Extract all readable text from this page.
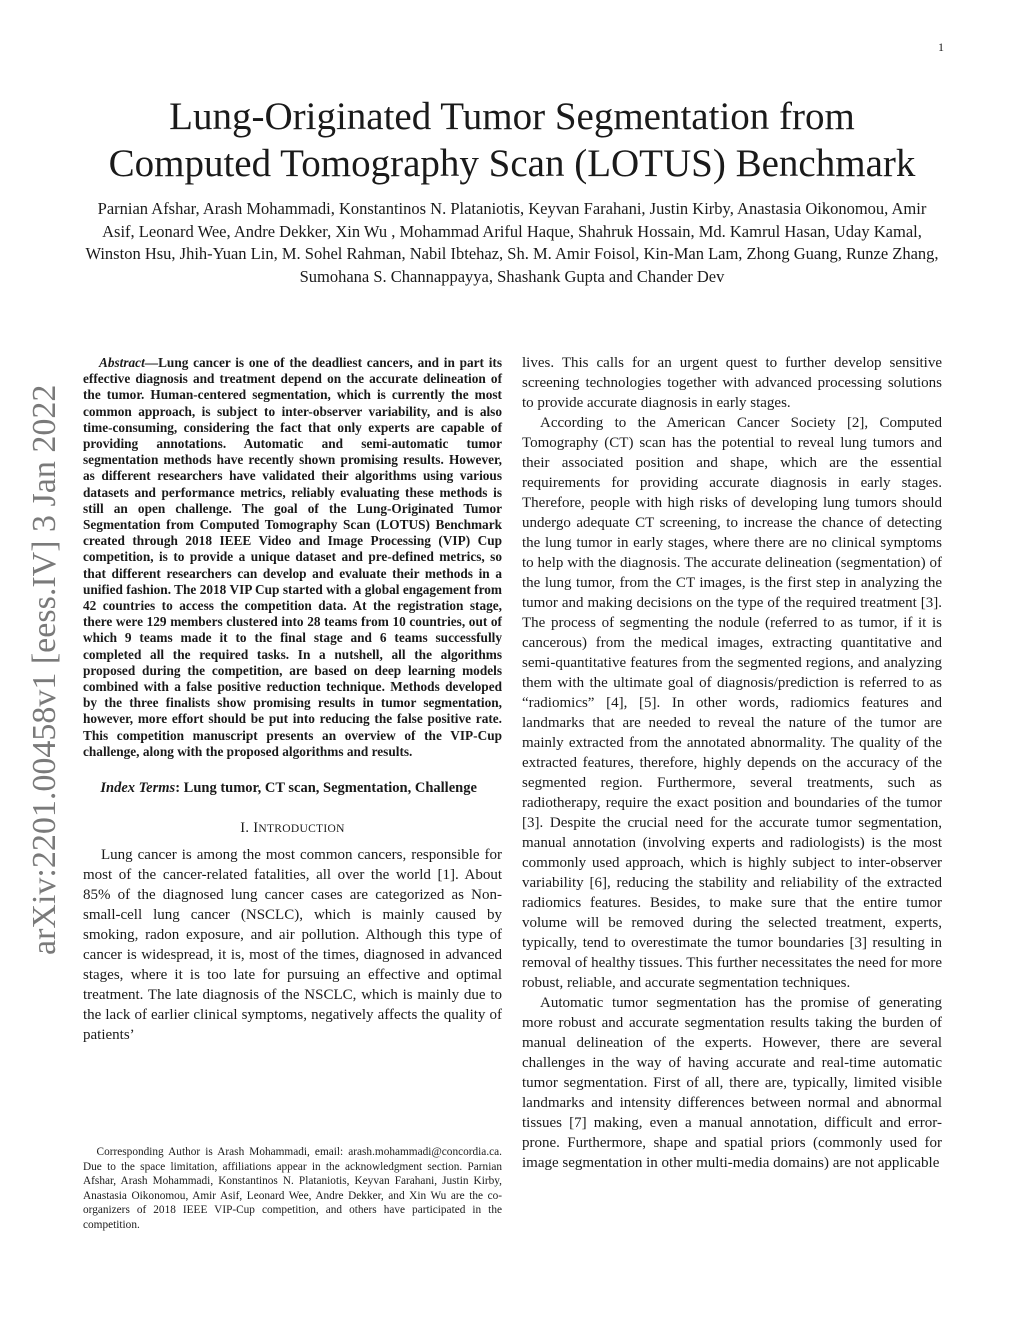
1
arXiv:2201.00458v1 [eess.IV] 3 Jan 2022
Lung-Originated Tumor Segmentation from
Computed Tomography Scan (LOTUS) Benchmark
Parnian Afshar, Arash Mohammadi, Konstantinos N. Plataniotis, Keyvan Farahani, Justin Kirby, Anastasia Oikonomou, Amir Asif, Leonard Wee, Andre Dekker, Xin Wu , Mohammad Ariful Haque, Shahruk Hossain, Md. Kamrul Hasan, Uday Kamal, Winston Hsu, Jhih-Yuan Lin, M. Sohel Rahman, Nabil Ibtehaz, Sh. M. Amir Foisol, Kin-Man Lam, Zhong Guang, Runze Zhang, Sumohana S. Channappayya, Shashank Gupta and Chander Dev

Abstract—Lung cancer is one of the deadliest cancers, and in part its effective diagnosis and treatment depend on the accurate delineation of the tumor. Human-centered segmentation, which is currently the most common approach, is subject to inter-observer variability, and is also time-consuming, considering the fact that only experts are capable of providing annotations. Automatic and semi-automatic tumor segmentation methods have recently shown promising results. However, as different researchers have validated their algorithms using various datasets and performance metrics, reliably evaluating these methods is still an open challenge. The goal of the Lung-Originated Tumor Segmentation from Computed Tomography Scan (LOTUS) Benchmark created through 2018 IEEE Video and Image Processing (VIP) Cup competition, is to provide a unique dataset and pre-defined metrics, so that different researchers can develop and evaluate their methods in a unified fashion. The 2018 VIP Cup started with a global engagement from 42 countries to access the competition data. At the registration stage, there were 129 members clustered into 28 teams from 10 countries, out of which 9 teams made it to the final stage and 6 teams successfully completed all the required tasks. In a nutshell, all the algorithms proposed during the competition, are based on deep learning models combined with a false positive reduction technique. Methods developed by the three finalists show promising results in tumor segmentation, however, more effort should be put into reducing the false positive rate. This competition manuscript presents an overview of the VIP-Cup challenge, along with the proposed algorithms and results.

Index Terms: Lung tumor, CT scan, Segmentation, Challenge

I. INTRODUCTION

Lung cancer is among the most common cancers, responsible for most of the cancer-related fatalities, all over the world [1]. About 85% of the diagnosed lung cancer cases are categorized as Non-small-cell lung cancer (NSCLC), which is mainly caused by smoking, radon exposure, and air pollution. Although this type of cancer is widespread, it is, most of the times, diagnosed in advanced stages, where it is too late for pursuing an effective and optimal treatment. The late diagnosis of the NSCLC, which is mainly due to the lack of earlier clinical symptoms, negatively affects the quality of patients’

Corresponding Author is Arash Mohammadi, email: arash.mohammadi@concordia.ca. Due to the space limitation, affiliations appear in the acknowledgment section. Parnian Afshar, Arash Mohammadi, Konstantinos N. Plataniotis, Keyvan Farahani, Justin Kirby, Anastasia Oikonomou, Amir Asif, Leonard Wee, Andre Dekker, and Xin Wu are the co-organizers of 2018 IEEE VIP-Cup competition, and others have participated in the competition.

lives. This calls for an urgent quest to further develop sensitive screening technologies together with advanced processing solutions to provide accurate diagnosis in early stages.

According to the American Cancer Society [2], Computed Tomography (CT) scan has the potential to reveal lung tumors and their associated position and shape, which are the essential requirements for providing accurate diagnosis in early stages. Therefore, people with high risks of developing lung tumors should undergo adequate CT screening, to increase the chance of detecting the lung tumor in early stages, where there are no clinical symptoms to help with the diagnosis. The accurate delineation (segmentation) of the lung tumor, from the CT images, is the first step in analyzing the tumor and making decisions on the type of the required treatment [3]. The process of segmenting the nodule (referred to as tumor, if it is cancerous) from the medical images, extracting quantitative and semi-quantitative features from the segmented regions, and analyzing them with the ultimate goal of diagnosis/prediction is referred to as “radiomics” [4], [5]. In other words, radiomics features and landmarks that are needed to reveal the nature of the tumor are mainly extracted from the annotated abnormality. The quality of the extracted features, therefore, highly depends on the accuracy of the segmented region. Furthermore, several treatments, such as radiotherapy, require the exact position and boundaries of the tumor [3]. Despite the crucial need for the accurate tumor segmentation, manual annotation (involving experts and radiologists) is the most commonly used approach, which is highly subject to inter-observer variability [6], reducing the stability and reliability of the extracted radiomics features. Besides, to make sure that the entire tumor volume will be removed during the selected treatment, experts, typically, tend to overestimate the tumor boundaries [3] resulting in removal of healthy tissues. This further necessitates the need for more robust, reliable, and accurate segmentation techniques.

Automatic tumor segmentation has the promise of generating more robust and accurate segmentation results taking the burden of manual delineation of the experts. However, there are several challenges in the way of having accurate and real-time automatic tumor segmentation. First of all, there are, typically, limited visible landmarks and intensity differences between normal and abnormal tissues [7] making, even a manual annotation, difficult and error-prone. Furthermore, shape and spatial priors (commonly used for image segmentation in other multi-media domains) are not applicable
